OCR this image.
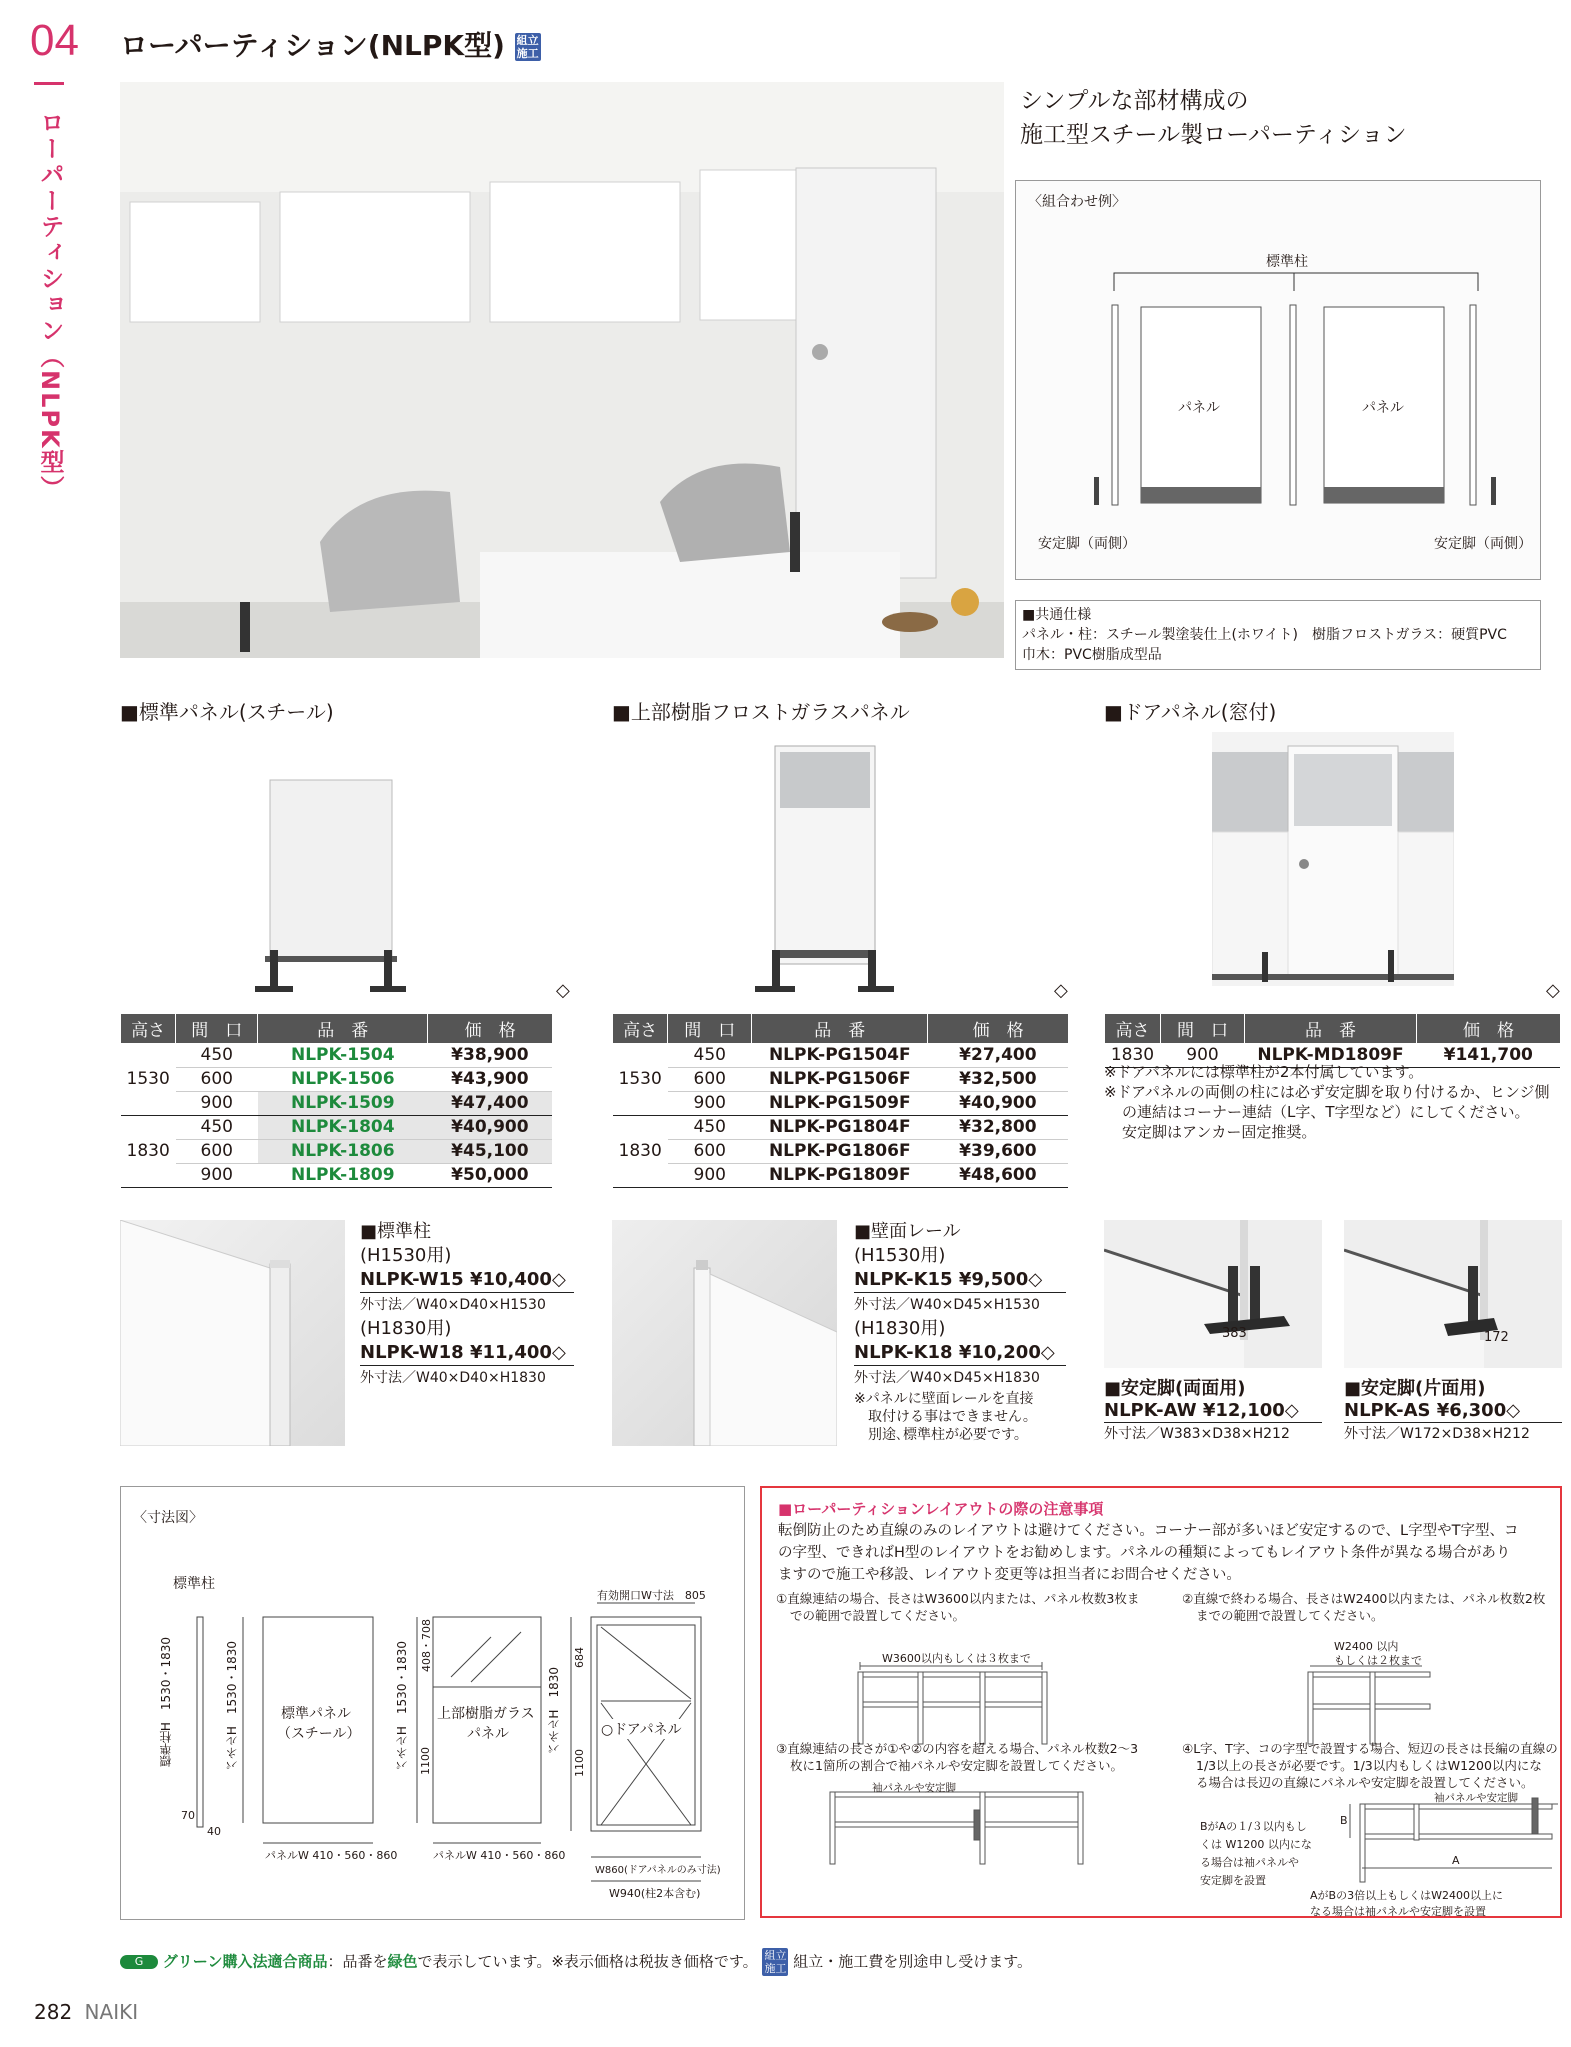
04
ローパーティション（NLPK型）
ローパーティション(NLPK型) 組立
施工
シンプルな部材構成の
施工型スチール製ローパーティション
〈組合わせ例〉
標準柱
パネル	パネル
安定脚（両側）	安定脚（両側）
■共通仕様
パネル・柱：スチール製塗装仕上(ホワイト)　樹脂フロストガラス：硬質PVC
巾木：PVC樹脂成型品
■標準パネル(スチール)	■上部樹脂フロストガラスパネル	■ドアパネル(窓付)
◇	◇	◇
高さ	間　口	品　番	価　格
	450	NLPK-1504	¥38,900
1530	600	NLPK-1506	¥43,900
	900	NLPK-1509	¥47,400
	450	NLPK-1804	¥40,900
1830	600	NLPK-1806	¥45,100
	900	NLPK-1809	¥50,000
高さ	間　口	品　番	価　格
	450	NLPK-PG1504F	¥27,400
1530	600	NLPK-PG1506F	¥32,500
	900	NLPK-PG1509F	¥40,900
	450	NLPK-PG1804F	¥32,800
1830	600	NLPK-PG1806F	¥39,600
	900	NLPK-PG1809F	¥48,600
高さ	間　口	品　番	価　格
1830	900	NLPK-MD1809F	¥141,700
※ドアパネルには標準柱が2本付属しています。
※ドアパネルの両側の柱には必ず安定脚を取り付けるか、ヒンジ側
の連結はコーナー連結（L字、T字型など）にしてください。
安定脚はアンカー固定推奨。
■標準柱
(H1530用)
NLPK-W15 ¥10,400◇
外寸法／W40×D40×H1530
(H1830用)
NLPK-W18 ¥11,400◇
外寸法／W40×D40×H1830
■壁面レール
(H1530用)
NLPK-K15 ¥9,500◇
外寸法／W40×D45×H1530
(H1830用)
NLPK-K18 ¥10,200◇
外寸法／W40×D45×H1830
※パネルに壁面レールを直接
取付ける事はできません。
別途､標準柱が必要です。
383	172
■安定脚(両面用)
NLPK-AW ¥12,100◇
外寸法／W383×D38×H212
■安定脚(片面用)
NLPK-AS ¥6,300◇
外寸法／W172×D38×H212
〈寸法図〉
標準柱
標準柱H　1530・1830
70
40
パネルH　1530・1830	標準パネル
（スチール）
パネルW 410・560・860
パネルH　1530・1830 408・708
1100
上部樹脂ガラス
パネル
パネルW 410・560・860
有効開口W寸法　805
パネルH　1830
684
1100
○ドアパネル
W860(ドアパネルのみ寸法)
W940(柱2本含む)
■ローパーティションレイアウトの際の注意事項
転倒防止のため直線のみのレイアウトは避けてください。コーナー部が多いほど安定するので、L字型やT字型、コ
の字型、できればH型のレイアウトをお勧めします。パネルの種類によってもレイアウト条件が異なる場合があり
ますので施工や移設、レイアウト変更等は担当者にお問合せください。
①直線連結の場合、長さはW3600以内または、パネル枚数3枚ま
での範囲で設置してください。
W3600以内もしくは３枚まで
②直線で終わる場合、長さはW2400以内または、パネル枚数2枚
までの範囲で設置してください。
W2400 以内
もしくは２枚まで
③直線連結の長さが①や②の内容を超える場合、パネル枚数2～3
枚に1箇所の割合で袖パネルや安定脚を設置してください。
袖パネルや安定脚
④L字、T字、コの字型で設置する場合、短辺の長さは長編の直線の
1/3以上の長さが必要です。1/3以内もしくはW1200以内にな
る場合は長辺の直線にパネルや安定脚を設置してください。
袖パネルや安定脚
BがAの１/３以内もし
くは W1200 以内にな
る場合は袖パネルや
安定脚を設置
B
A
AがBの3倍以上もしくはW2400以上に
なる場合は袖パネルや安定脚を設置
G グリーン購入法適合商品：品番を緑色で表示しています。※表示価格は税抜き価格です。 組立
施工 組立・施工費を別途申し受けます。
282 NAIKI
